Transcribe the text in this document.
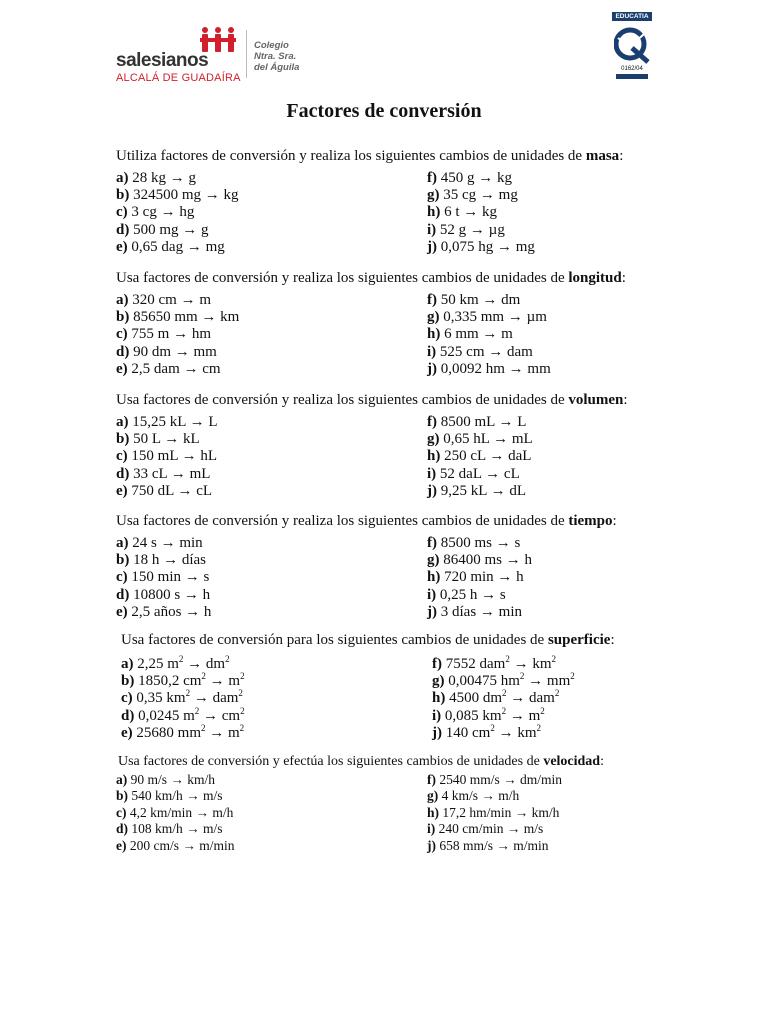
salesianos
ALCALÁ DE GUADAÍRA
Colegio
Ntra. Sra.
del Águila
EDUCATIA
0162/04
Factores de conversión
Utiliza factores de conversión y realiza los siguientes cambios de unidades de masa:
a) 28 kg → g
b) 324500 mg → kg
c) 3 cg → hg
d) 500 mg → g
e) 0,65 dag → mg
f) 450 g → kg
g) 35 cg → mg
h) 6 t → kg
i) 52 g → µg
j) 0,075 hg → mg
Usa factores de conversión y realiza los siguientes cambios de unidades de longitud:
a) 320 cm → m
b) 85650 mm → km
c) 755 m → hm
d) 90 dm → mm
e) 2,5 dam → cm
f) 50 km → dm
g) 0,335 mm → µm
h) 6 mm → m
i) 525 cm → dam
j) 0,0092 hm → mm
Usa factores de conversión y realiza los siguientes cambios de unidades de volumen:
a) 15,25 kL → L
b) 50 L → kL
c) 150 mL → hL
d) 33 cL → mL
e) 750 dL → cL
f) 8500 mL → L
g) 0,65 hL → mL
h) 250 cL → daL
i) 52 daL → cL
j) 9,25 kL → dL
Usa factores de conversión y realiza los siguientes cambios de unidades de tiempo:
a) 24 s → min
b) 18 h → días
c) 150 min → s
d) 10800 s → h
e) 2,5 años → h
f) 8500 ms → s
g) 86400 ms → h
h) 720 min → h
i) 0,25 h → s
j) 3 días → min
Usa factores de conversión para los siguientes cambios de unidades de superficie:
a) 2,25 $m^2 \to dm^2$
b) 1850,2 $cm^2 \to m^2$
c) 0,35 $km^2 \to dam^2$
d) 0,0245 $m^2 \to cm^2$
e) 25680 $mm^2 \to m^2$
f) 7552 $dam^2 \to km^2$
g) 0,00475 $hm^2 \to mm^2$
h) 4500 $dm^2 \to dam^2$
i) 0,085 $km^2 \to m^2$
j) 140 $cm^2 \to km^2$
Usa factores de conversión y efectúa los siguientes cambios de unidades de velocidad:
a) 90 m/s → km/h
b) 540 km/h → m/s
c) 4,2 km/min → m/h
d) 108 km/h → m/s
e) 200 cm/s → m/min
f) 2540 mm/s → dm/min
g) 4 km/s → m/h
h) 17,2 hm/min → km/h
i) 240 cm/min → m/s
j) 658 mm/s → m/min
